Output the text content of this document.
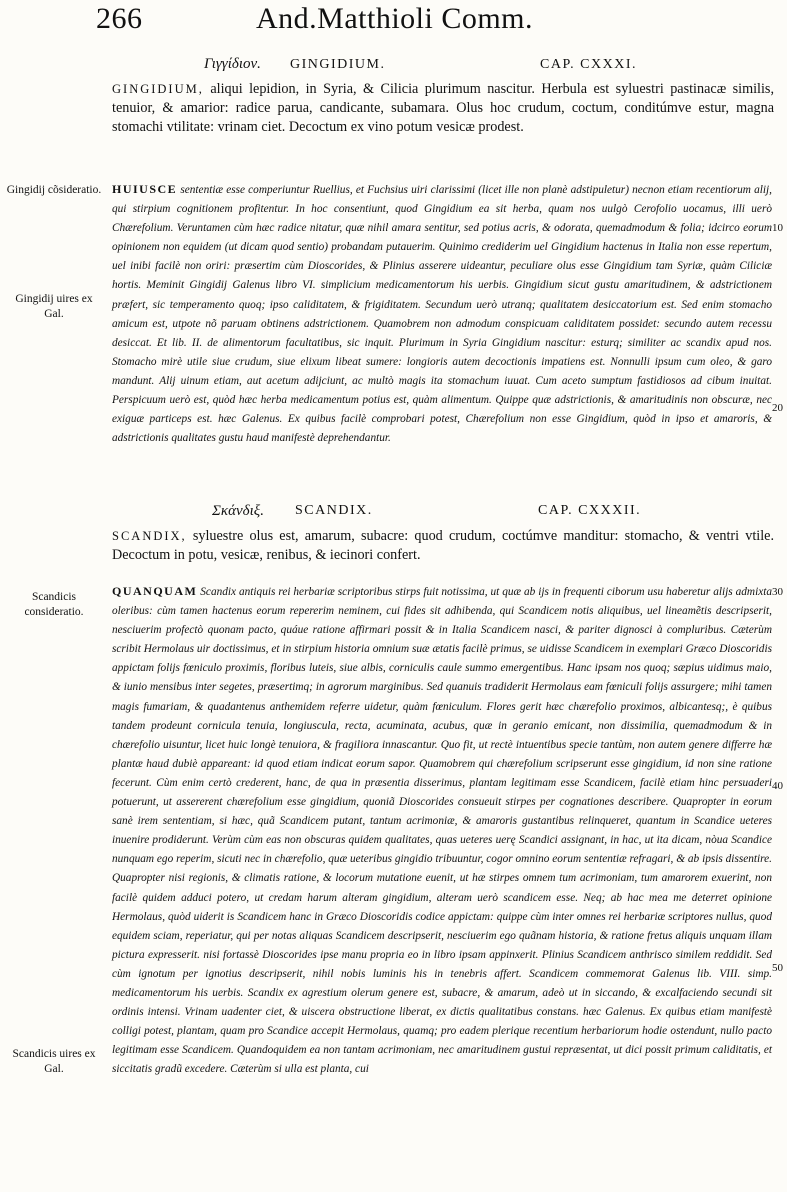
266	And.Matthioli Comm.
Γιγγίδιον. GINGIDIUM.	CAP. CXXXI.

GINGIDIUM, aliqui lepidion, in Syria, & Cilicia plurimum nascitur. Herbula est syluestri pastinacæ similis, tenuior, & amarior: radice parua, candicante, subamara. Olus hoc crudum, coctum, conditúmve estur, magna stomachi vtilitate: vrinam ciet. Decoctum ex vino potum vesicæ prodest.

HUIUSCE sententiæ esse comperiuntur Ruellius, et Fuchsius uiri clarissimi (licet ille non planè adstipuletur) necnon etiam recentiorum alij, qui stirpium cognitionem profitentur. In hoc consentiunt, quod Gingidium ea sit herba, quam nos uulgò Cerofolio uocamus, illi uerò Chærefolium. Veruntamen cùm hæc radice nitatur, quæ nihil amara sentitur, sed potius acris, & odorata, quemadmodum & folia; idcirco eorum opinionem non equidem (ut dicam quod sentio) probandam putauerim. Quinimo crediderim uel Gingidium hactenus in Italia non esse repertum, uel inibi facilè non oriri: præsertim cùm Dioscorides, & Plinius asserere uideantur, peculiare olus esse Gingidium tam Syriæ, quàm Ciliciæ hortis. Meminit Gingidij Galenus libro VI. simplicium medicamentorum his uerbis. Gingidium sicut gustu amaritudinem, & adstrictionem præfert, sic temperamento quoq; ipso caliditatem, & frigiditatem. Secundum uerò utranq; qualitatem desiccatorium est. Sed enim stomacho amicum est, utpote nõ paruam obtinens adstrictionem. Quamobrem non admodum conspicuam caliditatem possidet: secundo autem recessu desiccat. Et lib. II. de alimentorum facultatibus, sic inquit. Plurimum in Syria Gingidium nascitur: esturq; similiter ac scandix apud nos. Stomacho mirè utile siue crudum, siue elixum libeat sumere: longioris autem decoctionis impatiens est. Nonnulli ipsum cum oleo, & garo mandunt. Alij uinum etiam, aut acetum adijciunt, ac multò magis ita stomachum iuuat. Cum aceto sumptum fastidiosos ad cibum inuitat. Perspicuum uerò est, quòd hæc herba medicamentum potius est, quàm alimentum. Quippe quæ adstrictionis, & amaritudinis non obscuræ, nec exiguæ particeps est. hæc Galenus. Ex quibus facilè comprobari potest, Chærefolium non esse Gingidium, quòd in ipso et amaroris, & adstrictionis qualitates gustu haud manifestè deprehendantur.

Σκάνδιξ. SCANDIX.	CAP. CXXXII.

SCANDIX, syluestre olus est, amarum, subacre: quod crudum, coctúmve manditur: stomacho, & ventri vtile. Decoctum in potu, vesicæ, renibus, & iecinori confert.

QUANQUAM Scandix antiquis rei herbariæ scriptoribus stirps fuit notissima, ut quæ ab ijs in frequenti ciborum usu haberetur alijs admixta oleribus: cùm tamen hactenus eorum repererim neminem, cui fides sit adhibenda, qui Scandicem notis aliquibus, uel lineamẽtis descripserit, nesciuerim profectò quonam pacto, quáue ratione affirmari possit & in Italia Scandicem nasci, & pariter dignosci à compluribus. Cæterùm scribit Hermolaus uir doctissimus, et in stirpium historia omnium suæ ætatis facilè primus, se uidisse Scandicem in exemplari Græco Dioscoridis appictam folijs fœniculo proximis, floribus luteis, siue albis, corniculis caule summo emergentibus. Hanc ipsam nos quoq; sæpius uidimus maio, & iunio mensibus inter segetes, præsertimq; in agrorum marginibus. Sed quanuis tradiderit Hermolaus eam fœniculi folijs assurgere; mihi tamen magis fumariam, & quadantenus anthemidem referre uidetur, quàm fœniculum. Flores gerit hæc chærefolio proximos, albicantesq;, è quibus tandem prodeunt cornicula tenuia, longiuscula, recta, acuminata, acubus, quæ in geranio emicant, non dissimilia, quemadmodum & in chærefolio uisuntur, licet huic longè tenuiora, & fragiliora innascantur. Quo fit, ut rectè intuentibus specie tantùm, non autem genere differre hæ plantæ haud dubiè appareant: id quod etiam indicat eorum sapor. Quamobrem qui chærefolium scripserunt esse gingidium, id non sine ratione fecerunt. Cùm enim certò crederent, hanc, de qua in præsentia disserimus, plantam legitimam esse Scandicem, facilè etiam hinc persuaderi potuerunt, ut assererent chærefolium esse gingidium, quoniã Dioscorides consueuit stirpes per cognationes describere. Quapropter in eorum sanè irem sententiam, si hæc, quã Scandicem putant, tantum acrimoniæ, & amaroris gustantibus relinqueret, quantum in Scandice ueteres inuenire prodiderunt. Verùm cùm eas non obscuras quidem qualitates, quas ueteres uerę Scandici assignant, in hac, ut ita dicam, nòua Scandice nunquam ego reperim, sicuti nec in chærefolio, quæ ueteribus gingidio tribuuntur, cogor omnino eorum sententiæ refragari, & ab ipsis dissentire. Quapropter nisi regionis, & climatis ratione, & locorum mutatione euenit, ut hæ stirpes omnem tum acrimoniam, tum amarorem exuerint, non facilè quidem adduci potero, ut credam harum alteram gingidium, alteram uerò scandicem esse. Neq; ab hac mea me deterret opinione Hermolaus, quòd uiderit is Scandicem hanc in Græco Dioscoridis codice appictam: quippe cùm inter omnes rei herbariæ scriptores nullus, quod equidem sciam, reperiatur, qui per notas aliquas Scandicem descripserit, nesciuerim ego quãnam historia, & ratione fretus aliquis unquam illam pictura expresserit. nisi fortassè Dioscorides ipse manu propria eo in libro ipsam appinxerit. Plinius Scandicem anthrisco similem reddidit. Sed cùm ignotum per ignotius descripserit, nihil nobis luminis his in tenebris affert. Scandicem commemorat Galenus lib. VIII. simp. medicamentorum his uerbis. Scandix ex agrestium olerum genere est, subacre, & amarum, adeò ut in siccando, & excalfaciendo secundi sit ordinis intensi. Vrinam uadenter ciet, & uiscera obstructione liberat, ex dictis qualitatibus constans. hæc Galenus. Ex quibus etiam manifestè colligi potest, plantam, quam pro Scandice accepit Hermolaus, quamq; pro eadem plerique recentium herbariorum hodie ostendunt, nullo pacto legitimam esse Scandicem. Quandoquidem ea non tantam acrimoniam, nec amaritudinem gustui repræsentat, ut dici possit primum caliditatis, et siccitatis gradũ excedere. Cæterùm si ulla est planta, cui

Gingidij cõsideratio.
Gingidij uires ex Gal.
Scandicis consideratio.
Scandicis uires ex Gal.
10
20
30
40
50
